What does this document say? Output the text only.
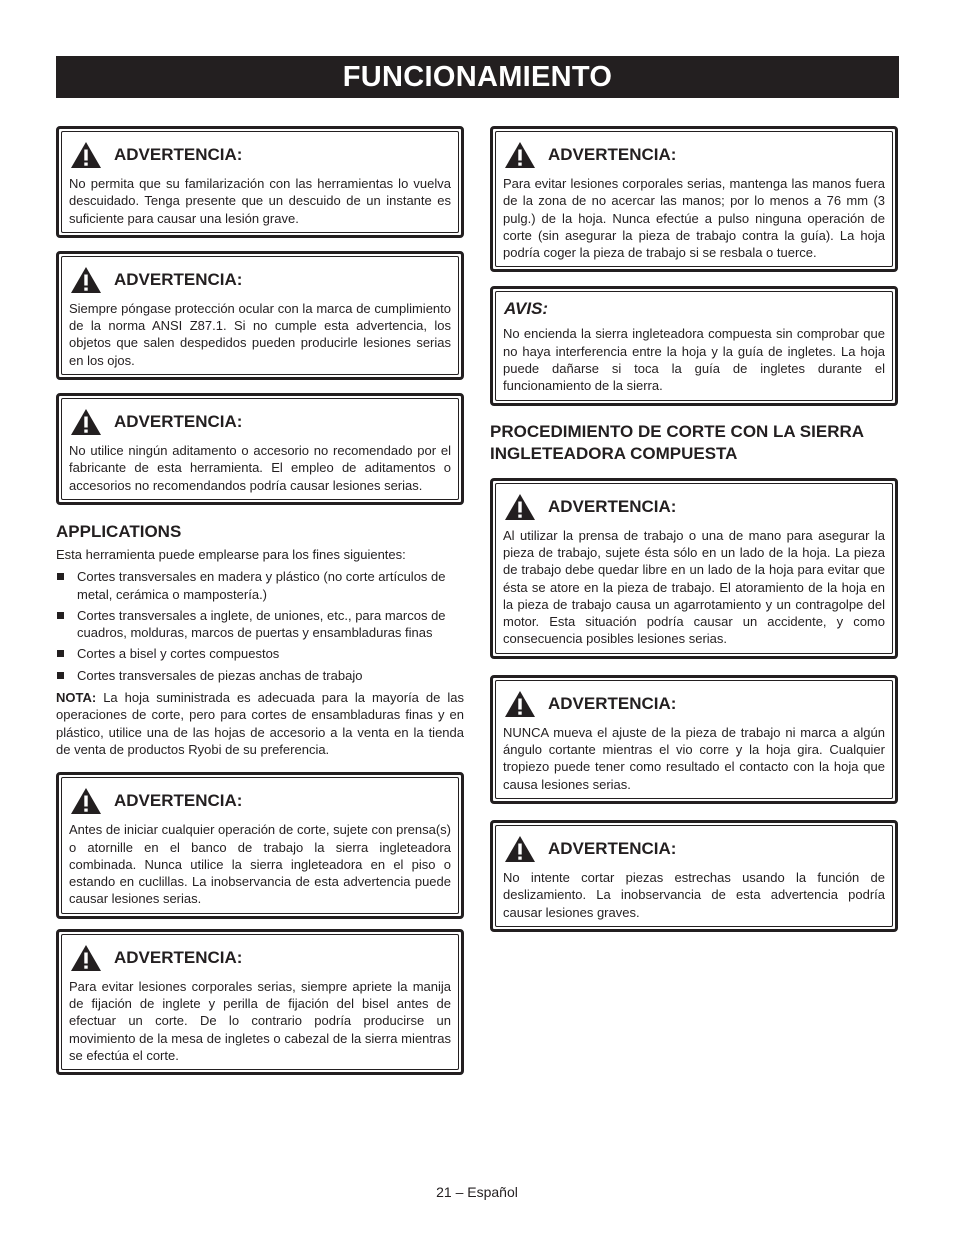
FUNCIONAMIENTO
ADVERTENCIA:

No permita que su familarización con las herramientas lo vuelva descuidado. Tenga presente que un descuido de un instante es suficiente para causar una lesión grave.

ADVERTENCIA:

Siempre póngase protección ocular con la marca de cumplimiento de la norma ANSI Z87.1. Si no cumple esta advertencia, los objetos que salen despedidos pueden producirle lesiones serias en los ojos.

ADVERTENCIA:

No utilice ningún aditamento o accesorio no recomendado por el fabricante de esta herramienta. El empleo de aditamentos o accesorios no recomendandos podría causar lesiones serias.

APPLICATIONS

Esta herramienta puede emplearse para los fines siguientes:

Cortes transversales en madera y plástico (no corte artículos de metal, cerámica o mampostería.)
Cortes transversales a inglete, de uniones, etc., para marcos de cuadros, molduras, marcos de puertas y ensambladuras finas
Cortes a bisel y cortes compuestos
Cortes transversales de piezas anchas de trabajo

NOTA: La hoja suministrada es adecuada para la mayoría de las operaciones de corte, pero para cortes de ensambladuras finas y en plástico, utilice una de las hojas de accesorio a la venta en la tienda de venta de productos Ryobi de su preferencia.

ADVERTENCIA:

Antes de iniciar cualquier operación de corte, sujete con prensa(s) o atornille en el banco de trabajo la sierra ingleteadora combinada. Nunca utilice la sierra ingleteadora en el piso o estando en cuclillas. La inobservancia de esta advertencia puede causar lesiones serias.

ADVERTENCIA:

Para evitar lesiones corporales serias, siempre apriete la manija de fijación de inglete y perilla de fijación del bisel antes de efectuar un corte. De lo contrario podría producirse un movimiento de la mesa de ingletes o cabezal de la sierra mientras se efectúa el corte.

ADVERTENCIA:

Para evitar lesiones corporales serias, mantenga las manos fuera de la zona de no acercar las manos; por lo menos a 76 mm (3 pulg.) de la hoja. Nunca efectúe a pulso ninguna operación de corte (sin asegurar la pieza de trabajo contra la guía). La hoja podría coger la pieza de trabajo si se resbala o tuerce.

AVIS:

No encienda la sierra ingleteadora compuesta sin comprobar que no haya interferencia entre la hoja y la guía de ingletes. La hoja puede dañarse si toca la guía de ingletes durante el funcionamiento de la sierra.

PROCEDIMIENTO DE CORTE CON LA SIERRA INGLETEADORA COMPUESTA
ADVERTENCIA:

Al utilizar la prensa de trabajo o una de mano para asegurar la pieza de trabajo, sujete ésta sólo en un lado de la hoja. La pieza de trabajo debe quedar libre en un lado de la hoja para evitar que ésta se atore en la pieza de trabajo. El atoramiento de la hoja en la pieza de trabajo causa un agarrotamiento y un contragolpe del motor. Esta situación podría causar un accidente, y como consecuencia posibles lesiones serias.

ADVERTENCIA:

NUNCA mueva el ajuste de la pieza de trabajo ni marca a algún ángulo cortante mientras el vio corre y la hoja gira. Cualquier tropiezo puede tener como resultado el contacto con la hoja que causa lesiones serias.

ADVERTENCIA:

No intente cortar piezas estrechas usando la función de deslizamiento. La inobservancia de esta advertencia podría causar lesiones graves.

21 – Español
